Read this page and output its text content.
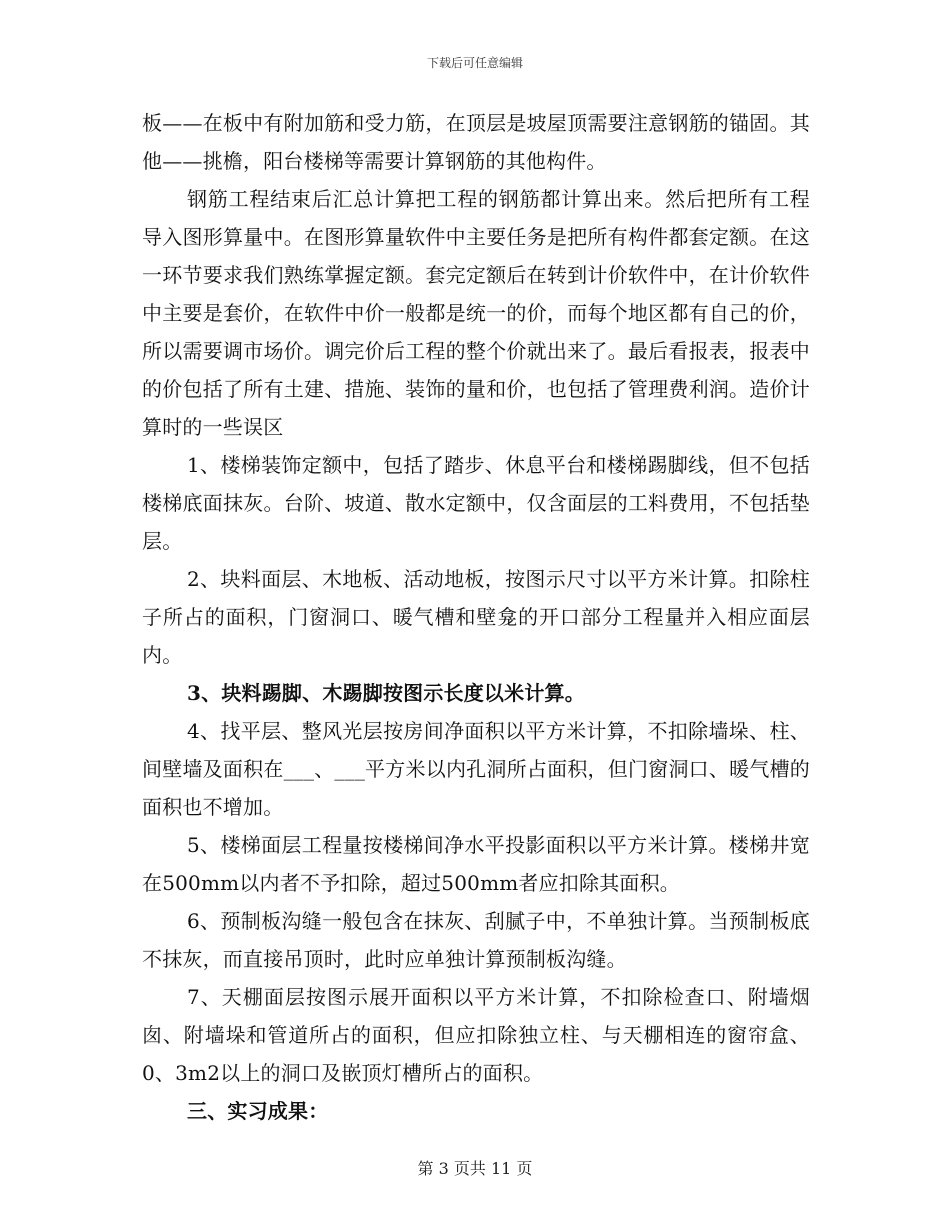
下载后可任意编辑

板——在板中有附加筋和受力筋，在顶层是坡屋顶需要注意钢筋的锚固。其他——挑檐，阳台楼梯等需要计算钢筋的其他构件。

钢筋工程结束后汇总计算把工程的钢筋都计算出来。然后把所有工程导入图形算量中。在图形算量软件中主要任务是把所有构件都套定额。在这一环节要求我们熟练掌握定额。套完定额后在转到计价软件中，在计价软件中主要是套价，在软件中价一般都是统一的价，而每个地区都有自己的价，所以需要调市场价。调完价后工程的整个价就出来了。最后看报表，报表中的价包括了所有土建、措施、装饰的量和价，也包括了管理费利润。造价计算时的一些误区

1、楼梯装饰定额中，包括了踏步、休息平台和楼梯踢脚线，但不包括楼梯底面抹灰。台阶、坡道、散水定额中，仅含面层的工料费用，不包括垫层。

2、块料面层、木地板、活动地板，按图示尺寸以平方米计算。扣除柱子所占的面积，门窗洞口、暖气槽和壁龛的开口部分工程量并入相应面层内。

3、块料踢脚、木踢脚按图示长度以米计算。

4、找平层、整风光层按房间净面积以平方米计算，不扣除墙垛、柱、间壁墙及面积在___、___平方米以内孔洞所占面积，但门窗洞口、暖气槽的面积也不增加。

5、楼梯面层工程量按楼梯间净水平投影面积以平方米计算。楼梯井宽在500mm以内者不予扣除，超过500mm者应扣除其面积。

6、预制板沟缝一般包含在抹灰、刮腻子中，不单独计算。当预制板底不抹灰，而直接吊顶时，此时应单独计算预制板沟缝。

7、天棚面层按图示展开面积以平方米计算，不扣除检查口、附墙烟囱、附墙垛和管道所占的面积，但应扣除独立柱、与天棚相连的窗帘盒、0、3m2以上的洞口及嵌顶灯槽所占的面积。

三、实习成果：

第 3 页共 11 页
